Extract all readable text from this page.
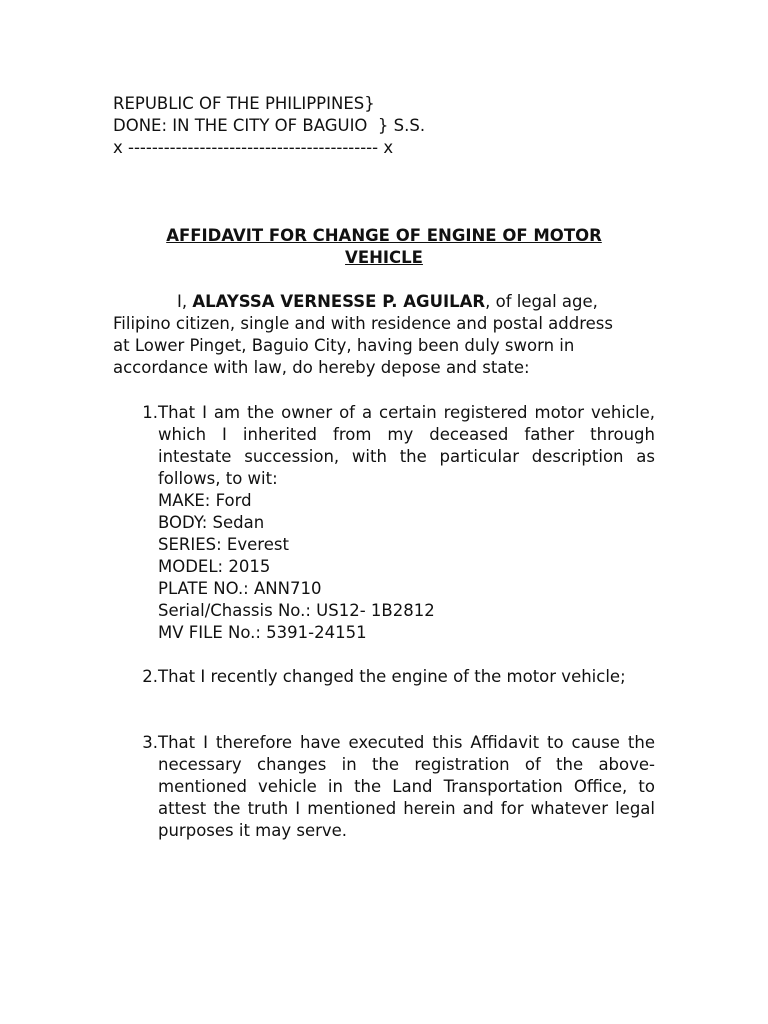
REPUBLIC OF THE PHILIPPINES}
DONE: IN THE CITY OF BAGUIO  } S.S.
x ------------------------------------------ x
AFFIDAVIT FOR CHANGE OF ENGINE OF MOTOR
VEHICLE
I, ALAYSSA VERNESSE P. AGUILAR, of legal age, Filipino citizen, single and with residence and postal address at Lower Pinget, Baguio City, having been duly sworn in accordance with law, do hereby depose and state:
1. That I am the owner of a certain registered motor vehicle, which I inherited from my deceased father through intestate succession, with the particular description as follows, to wit:
MAKE: Ford
BODY: Sedan
SERIES: Everest
MODEL: 2015
PLATE NO.: ANN710
Serial/Chassis No.: US12- 1B2812
MV FILE No.: 5391-24151
2. That I recently changed the engine of the motor vehicle;
3. That I therefore have executed this Affidavit to cause the necessary changes in the registration of the above-mentioned vehicle in the Land Transportation Office, to attest the truth I mentioned herein and for whatever legal purposes it may serve.
